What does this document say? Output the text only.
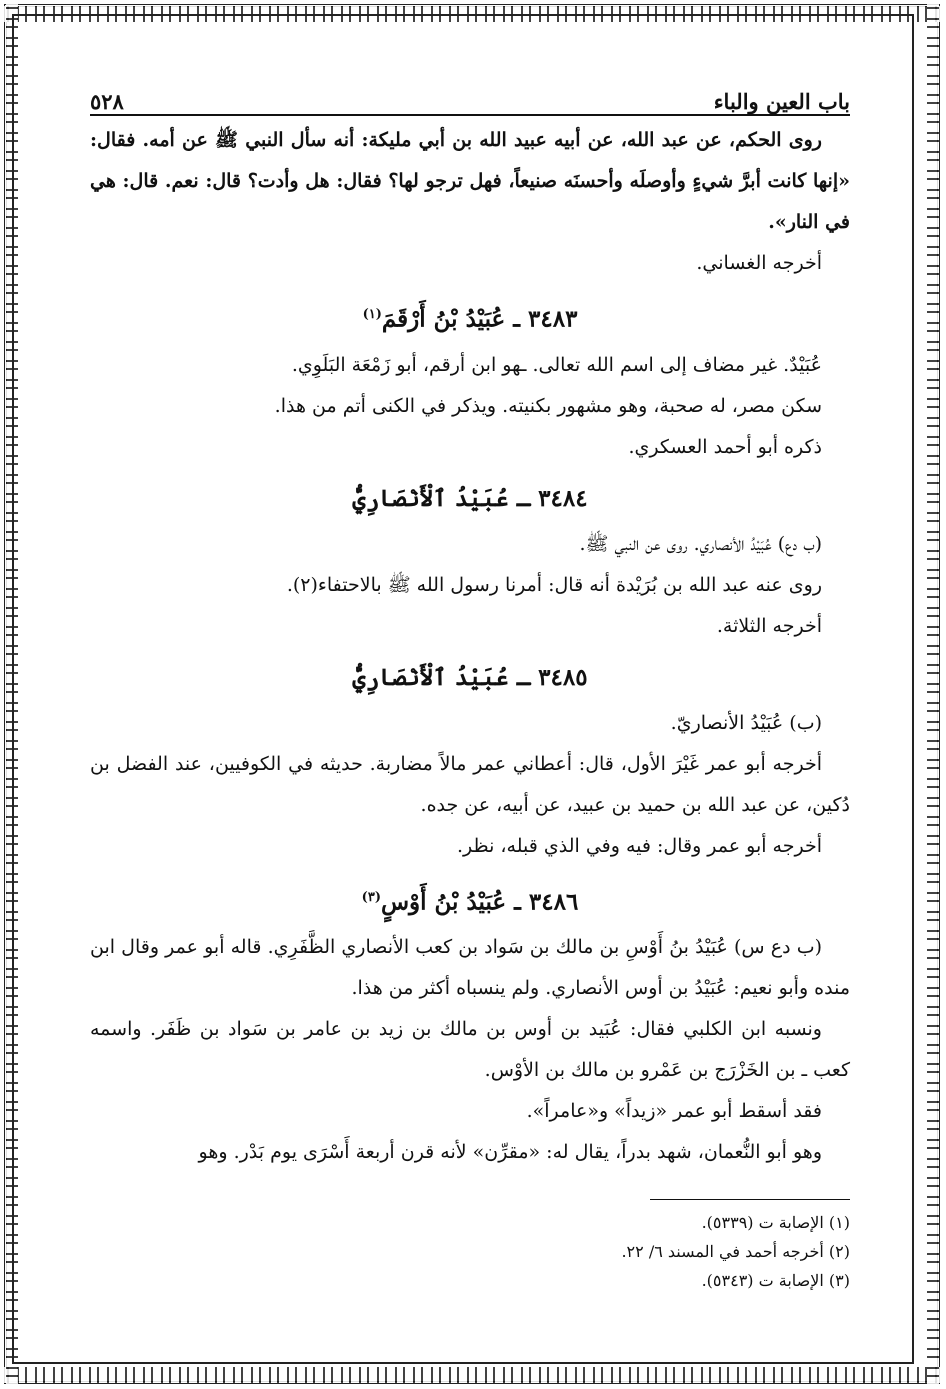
باب العين والباء
٥٢٨

روى الحكم، عن عبد الله، عن أبيه عبيد الله بن أبي مليكة: أنه سأل النبي ﷺ عن أمه. فقال: «إنها كانت أبرَّ شيءٍ وأوصلَه وأحسنَه صنيعاً، فهل ترجو لها؟ فقال: هل وأدت؟ قال: نعم. قال: هي في النار».

أخرجه الغساني.

٣٤٨٣ ـ عُبَيْدُ بْنُ أَرْقَمَ$^{(١)}$

عُبَيْدٌ. غير مضاف إلى اسم الله تعالى. ـهو ابن أرقم، أبو زَمْعَة البَلَوِي.

سكن مصر، له صحبة، وهو مشهور بكنيته. ويذكر في الكنى أتم من هذا.

ذكره أبو أحمد العسكري.

٣٤٨٤ ـ عُبَيْدُ ٱلْأَنْصَارِيُّ

(ب دع) عُبَيْدُ الأنصاري. روى عن النبي ﷺ.

روى عنه عبد الله بن بُرَيْدة أنه قال: أمرنا رسول الله ﷺ بالاحتفاء(٢).

أخرجه الثلاثة.

٣٤٨٥ ـ عُبَيْدُ ٱلْأَنْصَارِيُّ

(ب) عُبَيْدُ الأنصاريّ.

أخرجه أبو عمر غَيْرَ الأول، قال: أعطاني عمر مالاً مضاربة. حديثه في الكوفيين، عند الفضل بن دُكين، عن عبد الله بن حميد بن عبيد، عن أبيه، عن جده.

أخرجه أبو عمر وقال: فيه وفي الذي قبله، نظر.

٣٤٨٦ ـ عُبَيْدُ بْنُ أَوْسٍ$^{(٣)}$

(ب دع س) عُبَيْدُ بنُ أَوْسِ بن مالك بن سَواد بن كعب الأنصاري الظَّفَرِي. قاله أبو عمر وقال ابن منده وأبو نعيم: عُبَيْدُ بن أوس الأنصاري. ولم ينسباه أكثر من هذا.

ونسبه ابن الكلبي فقال: عُبَيد بن أوس بن مالك بن زيد بن عامر بن سَواد بن ظَفَر. واسمه كعب ـ بن الخَزْرَج بن عَمْرو بن مالك بن الأوْس.

فقد أسقط أبو عمر «زيداً» و«عامراً».

وهو أبو النُّعمان، شهد بدراً، يقال له: «مقرِّن» لأنه قرن أربعة أَسْرَى يوم بَدْر. وهو

(١) الإصابة ت (٥٣٣٩).
(٢) أخرجه أحمد في المسند ٦/ ٢٢.
(٣) الإصابة ت (٥٣٤٣).
